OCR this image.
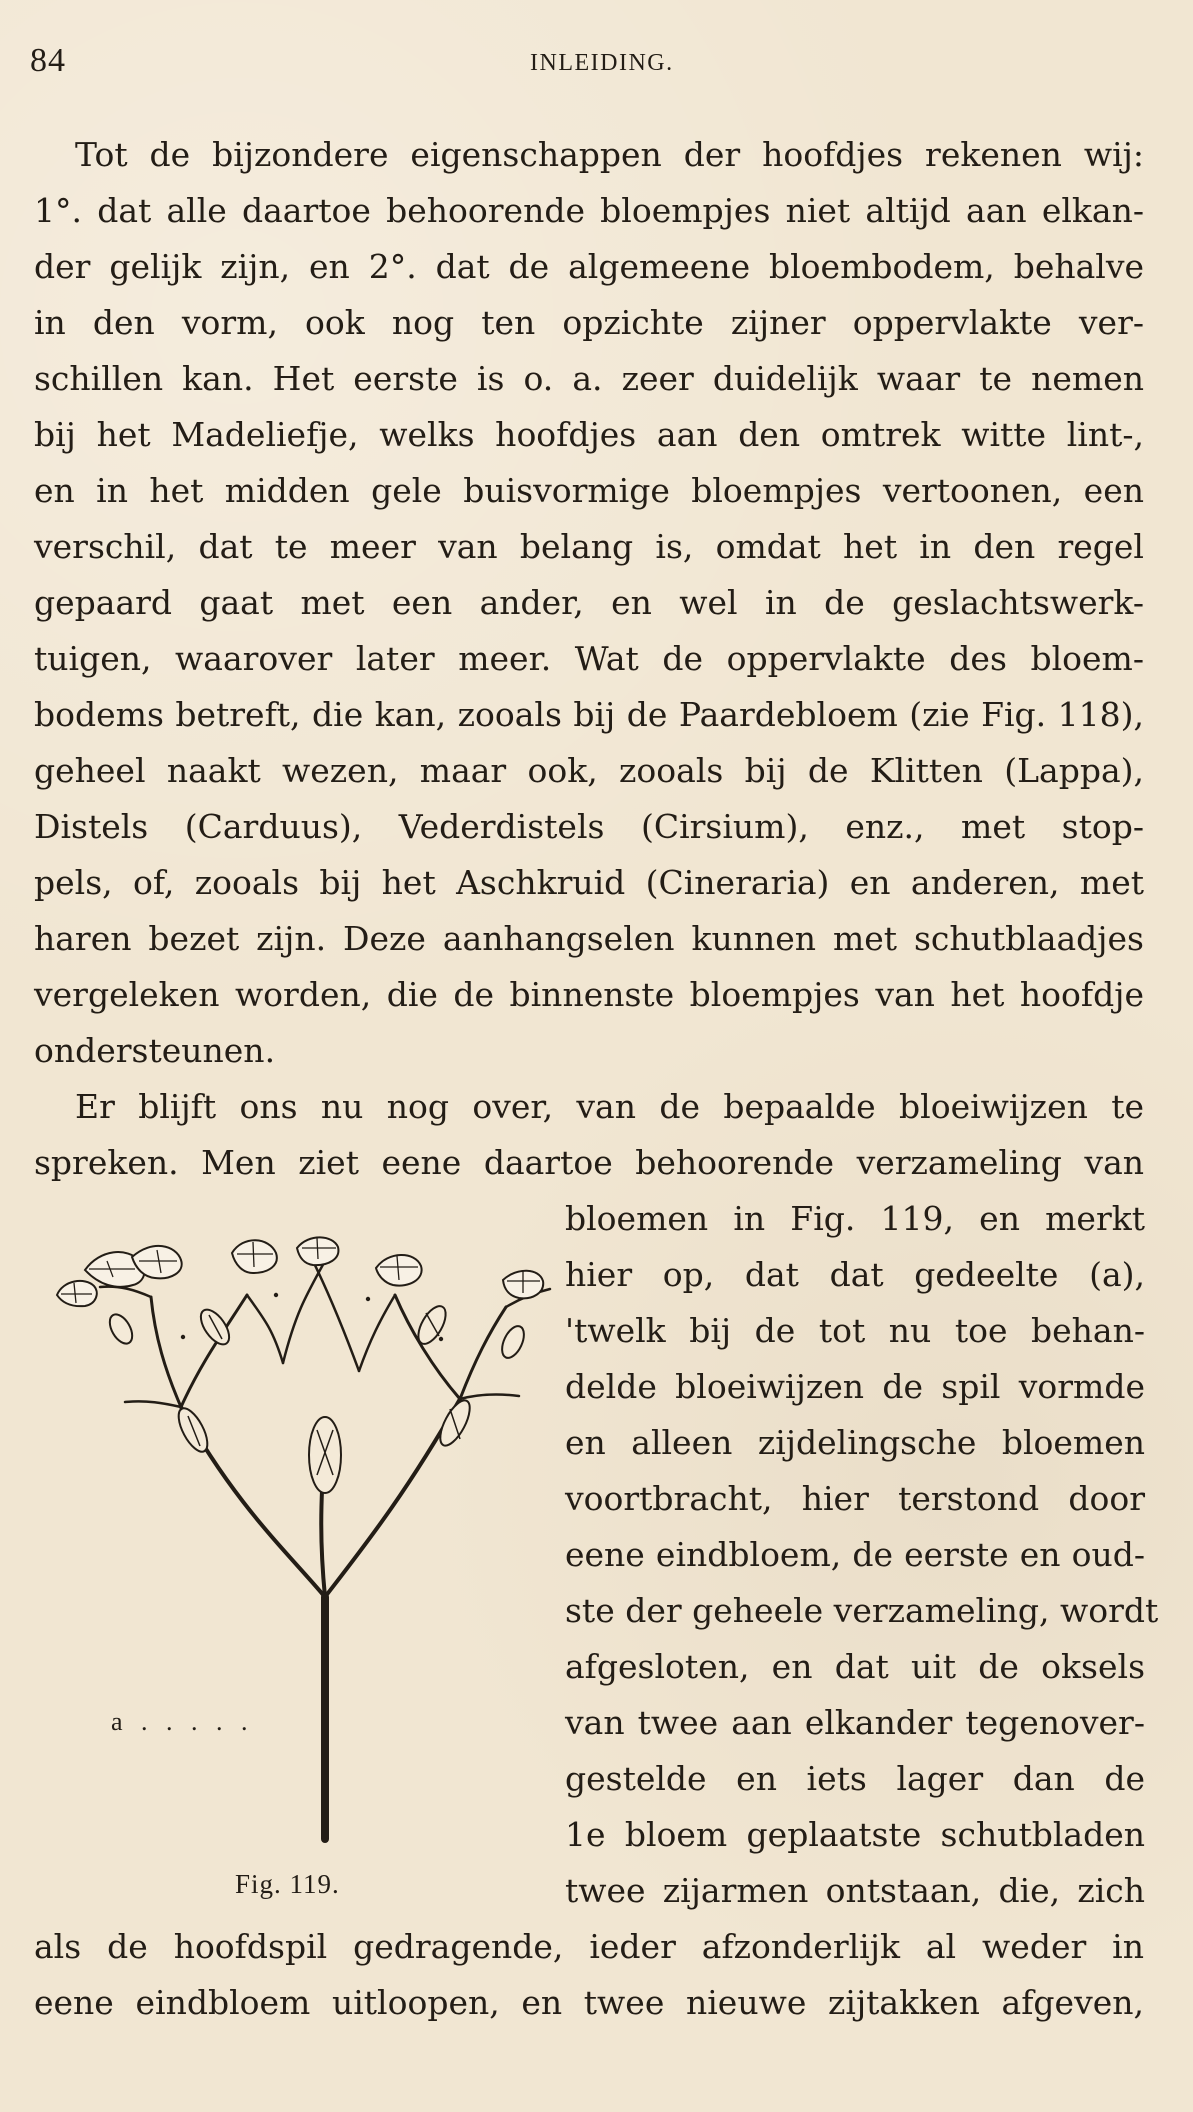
84	INLEIDING.
Tot de bijzondere eigenschappen der hoofdjes rekenen wij:
1°. dat alle daartoe behoorende bloempjes niet altijd aan elkan-
der gelijk zijn, en 2°. dat de algemeene bloembodem, behalve
in den vorm, ook nog ten opzichte zijner oppervlakte ver-
schillen kan. Het eerste is o. a. zeer duidelijk waar te nemen
bij het Madeliefje, welks hoofdjes aan den omtrek witte lint-,
en in het midden gele buisvormige bloempjes vertoonen, een
verschil, dat te meer van belang is, omdat het in den regel
gepaard gaat met een ander, en wel in de geslachtswerk-
tuigen, waarover later meer. Wat de oppervlakte des bloem-
bodems betreft, die kan, zooals bij de Paardebloem (zie Fig. 118),
geheel naakt wezen, maar ook, zooals bij de Klitten (Lappa),
Distels (Carduus), Vederdistels (Cirsium), enz., met stop-
pels, of, zooals bij het Aschkruid (Cineraria) en anderen, met
haren bezet zijn. Deze aanhangselen kunnen met schutblaadjes
vergeleken worden, die de binnenste bloempjes van het hoofdje
ondersteunen.
Er blijft ons nu nog over, van de bepaalde bloeiwijzen te
spreken. Men ziet eene daartoe behoorende verzameling van
bloemen in Fig. 119, en merkt
hier op, dat dat gedeelte (a),
'twelk bij de tot nu toe behan-
delde bloeiwijzen de spil vormde
en alleen zijdelingsche bloemen
voortbracht, hier terstond door
eene eindbloem, de eerste en oud-
ste der geheele verzameling, wordt
afgesloten, en dat uit de oksels
van twee aan elkander tegenover-
gestelde en iets lager dan de
1e bloem geplaatste schutbladen
twee zijarmen ontstaan, die, zich
als de hoofdspil gedragende, ieder afzonderlijk al weder in
eene eindbloem uitloopen, en twee nieuwe zijtakken afgeven,
a . . . . .
Fig. 119.
